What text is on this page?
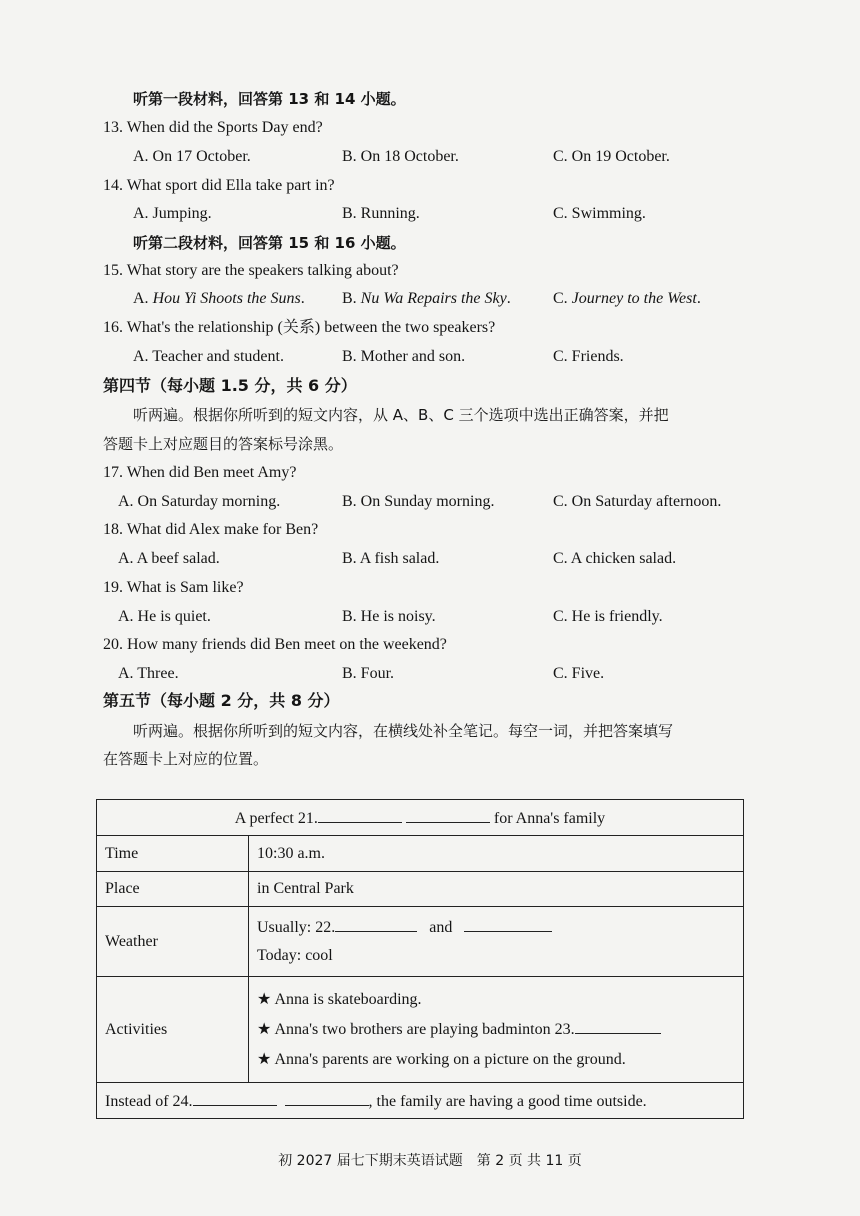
听第一段材料，回答第 13 和 14 小题。
13. When did the Sports Day end?
A. On 17 October.	B. On 18 October.	C. On 19 October.
14. What sport did Ella take part in?
A. Jumping.	B. Running.	C. Swimming.
听第二段材料，回答第 15 和 16 小题。
15. What story are the speakers talking about?
A. Hou Yi Shoots the Suns. B. Nu Wa Repairs the Sky.	C. Journey to the West.
16. What's the relationship (关系) between the two speakers?
A. Teacher and student.	B. Mother and son.	C. Friends.
第四节（每小题 1.5 分，共 6 分）
听两遍。根据你所听到的短文内容，从 A、B、C 三个选项中选出正确答案，并把
答题卡上对应题目的答案标号涂黑。
17. When did Ben meet Amy?
A. On Saturday morning.	B. On Sunday morning.	C. On Saturday afternoon.
18. What did Alex make for Ben?
A. A beef salad.	B. A fish salad.	C. A chicken salad.
19. What is Sam like?
A. He is quiet.	B. He is noisy.	C. He is friendly.
20. How many friends did Ben meet on the weekend?
A. Three.	B. Four.	C. Five.
第五节（每小题 2 分，共 8 分）
听两遍。根据你所听到的短文内容，在横线处补全笔记。每空一词，并把答案填写
在答题卡上对应的位置。
A perfect 21. for Anna's family	
Time	10:30 a.m.
Place	in Central Park
Weather	Usually: 22. and
Today: cool

Activities	★ Anna is skateboarding.
★ Anna's two brothers are playing badminton 23.
★ Anna's parents are working on a picture on the ground.

Instead of 24. , the family are having a good time outside.	
初 2027 届七下期末英语试题　第 2 页 共 11 页
